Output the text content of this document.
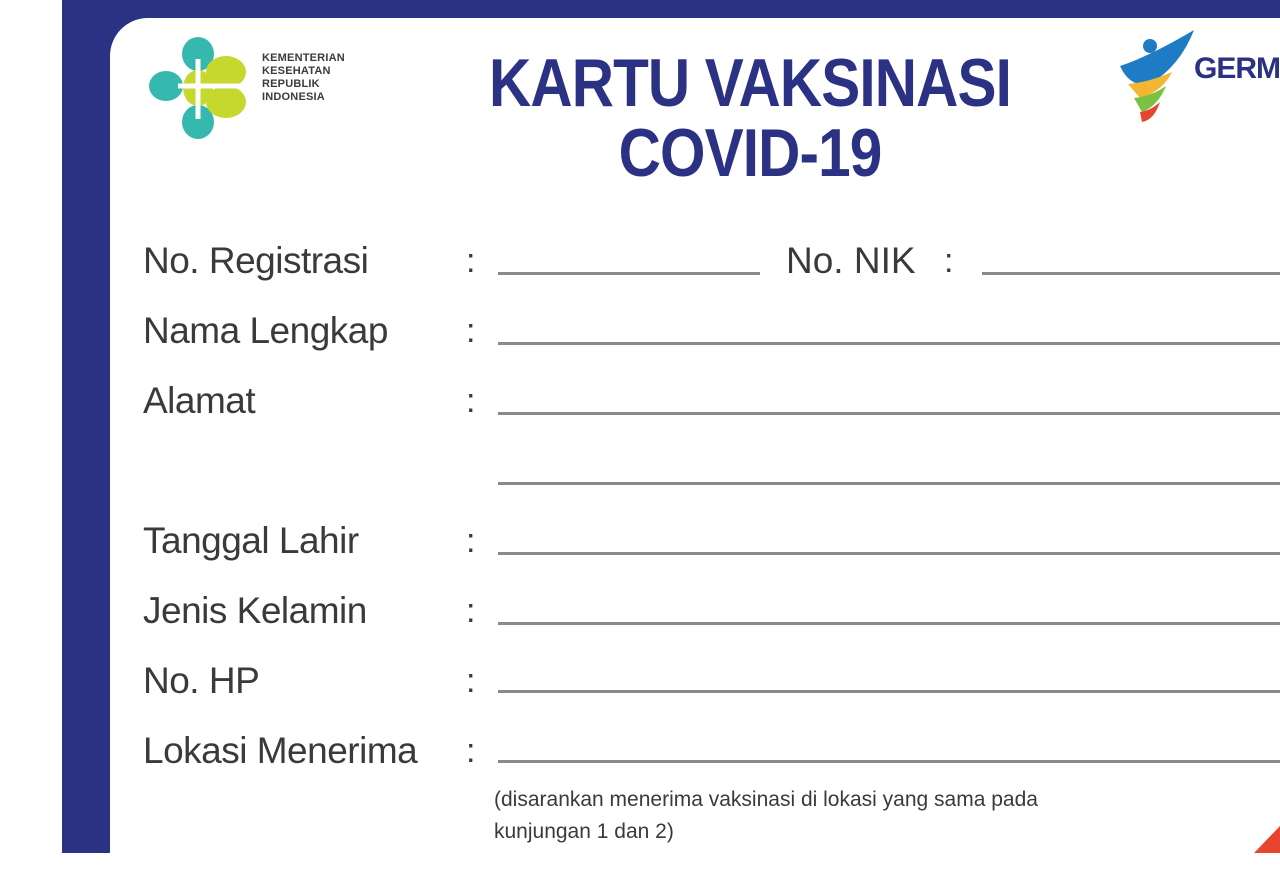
KEMENTERIAN
KESEHATAN
REPUBLIK
INDONESIA	KARTU VAKSINASI
COVID-19
GERM
No. Registrasi	:	No. NIK :
Nama Lengkap :
Alamat	:
Tanggal Lahir	:
Jenis Kelamin	:
No. HP	:
Lokasi Menerima :
(disarankan menerima vaksinasi di lokasi yang sama pada kunjungan 1 dan 2)
